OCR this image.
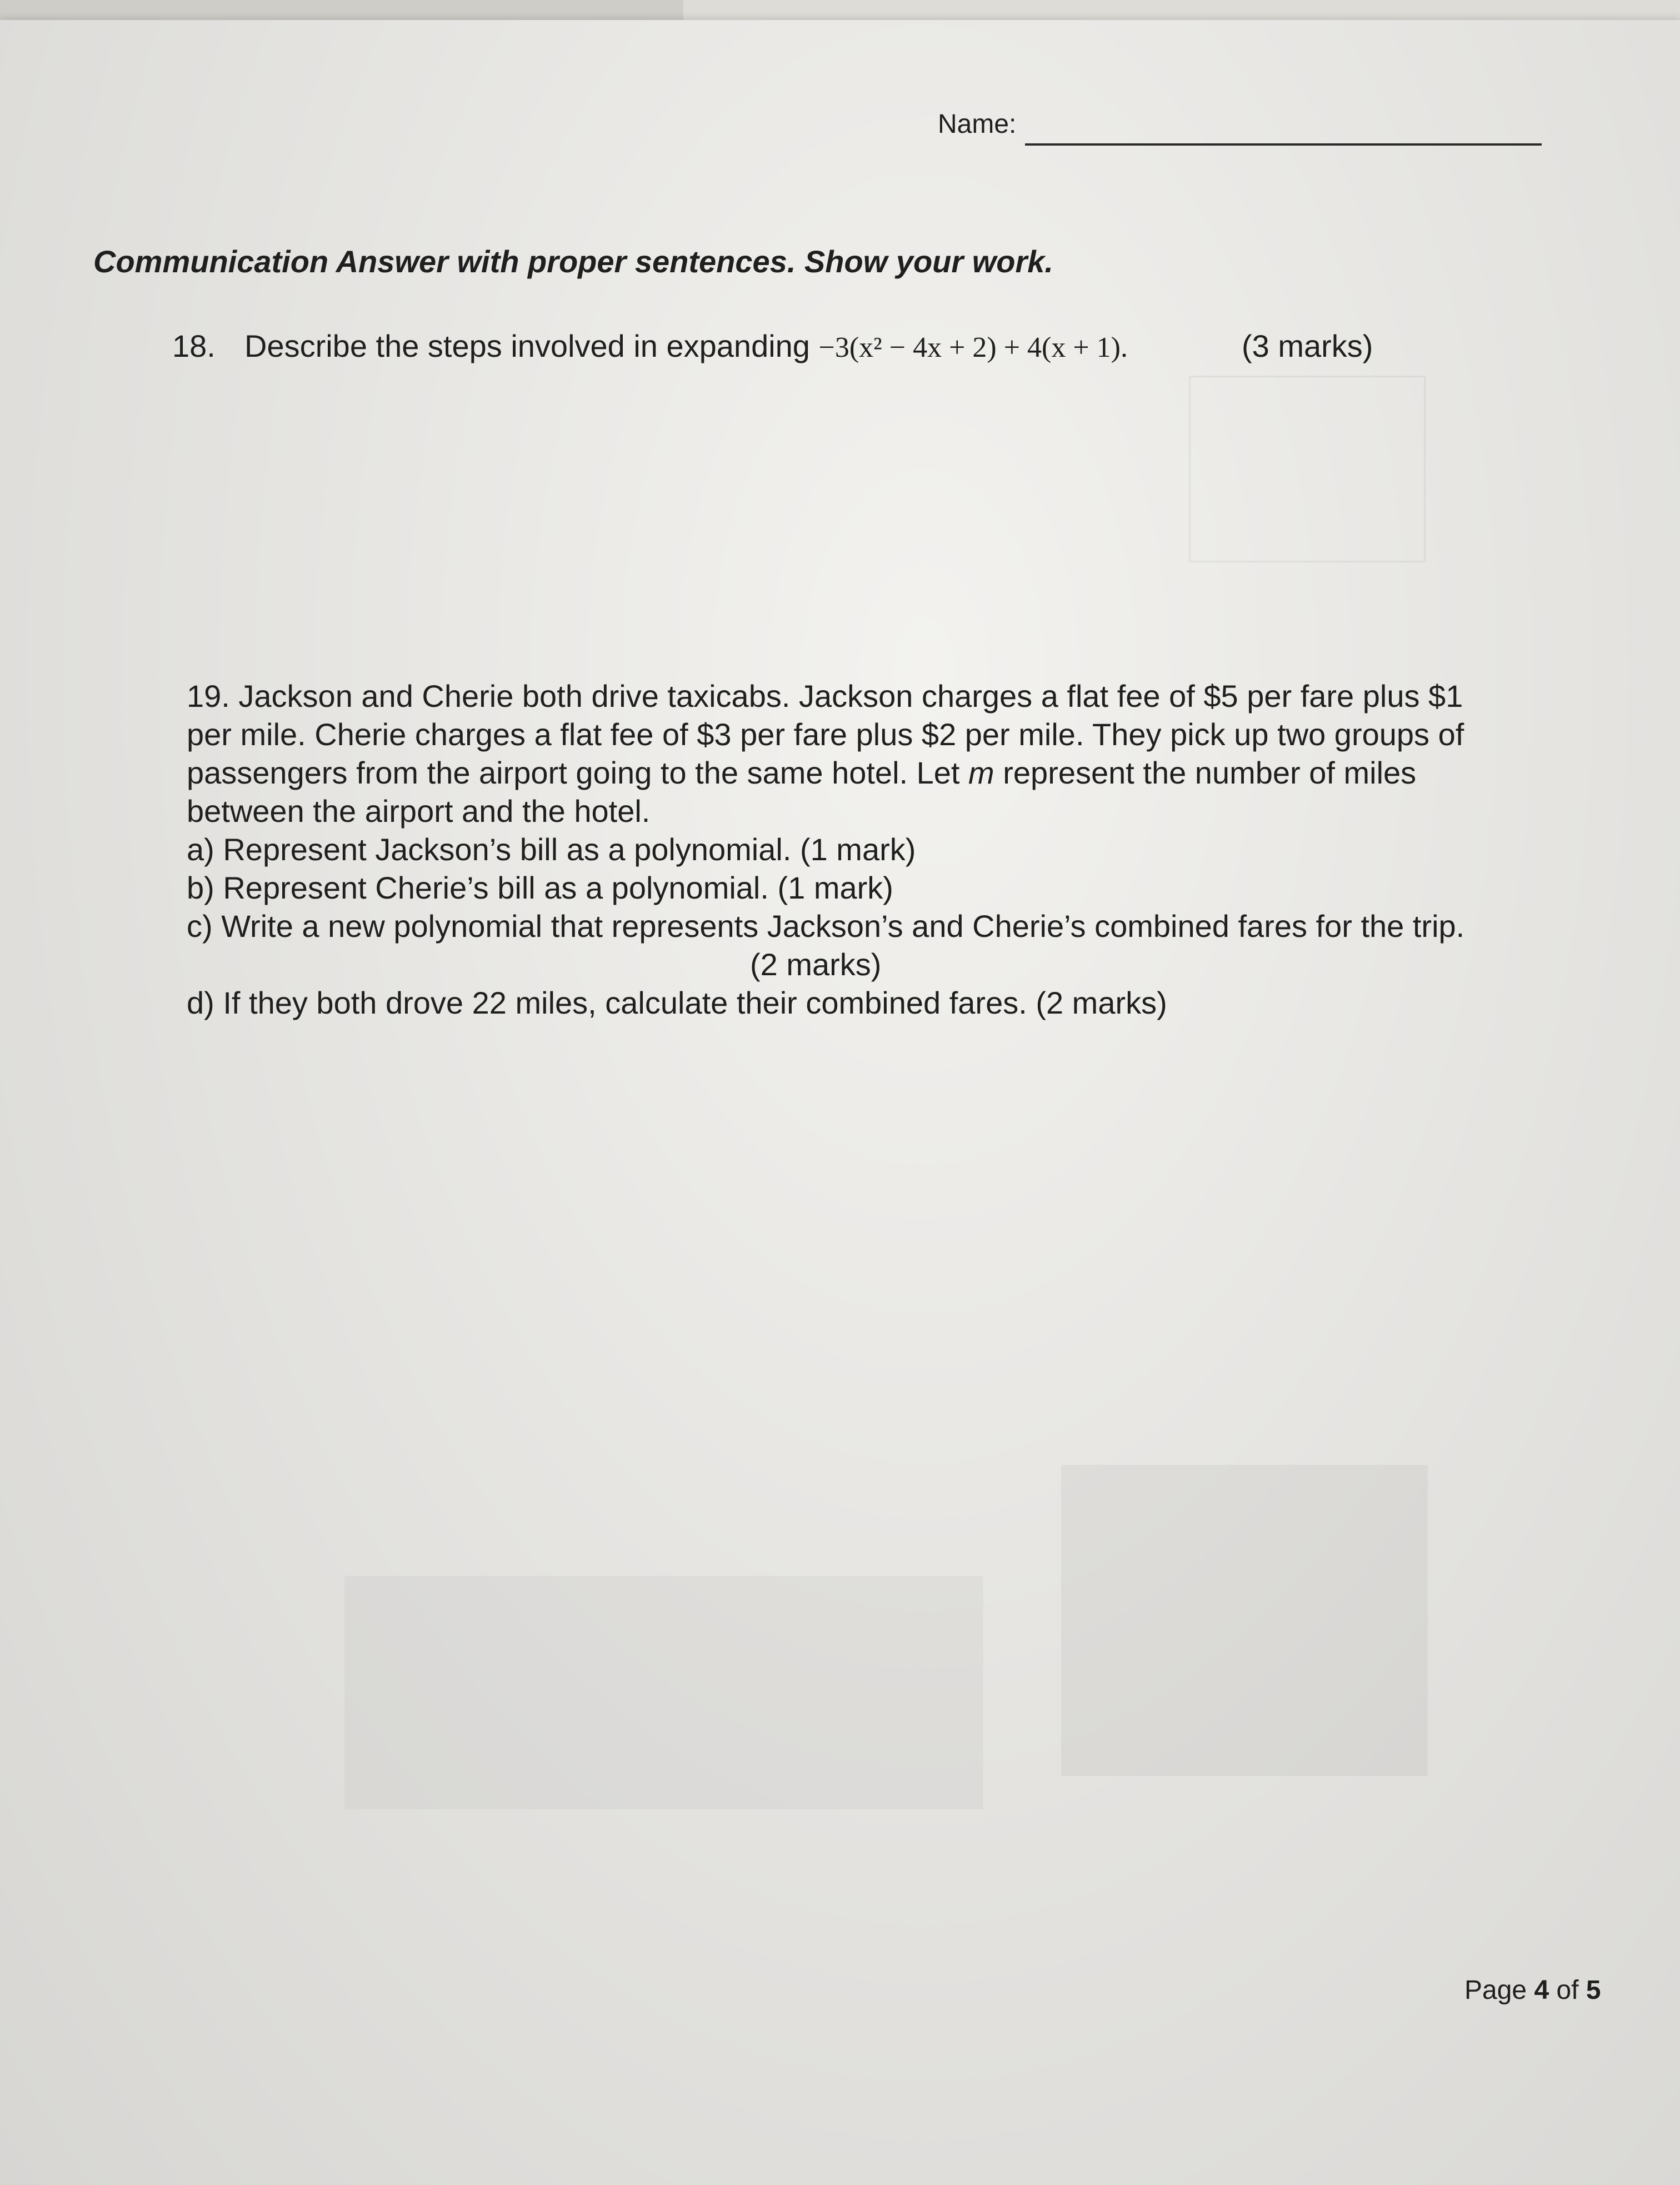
Name:
Communication Answer with proper sentences. Show your work.
18. Describe the steps involved in expanding −3(x² − 4x + 2) + 4(x + 1).	(3 marks)
19. Jackson and Cherie both drive taxicabs. Jackson charges a flat fee of $5 per fare plus $1
per mile. Cherie charges a flat fee of $3 per fare plus $2 per mile. They pick up two groups of
passengers from the airport going to the same hotel. Let m represent the number of miles
between the airport and the hotel.
a) Represent Jackson’s bill as a polynomial. (1 mark)
b) Represent Cherie’s bill as a polynomial. (1 mark)
c) Write a new polynomial that represents Jackson’s and Cherie’s combined fares for the trip.
(2 marks)
d) If they both drove 22 miles, calculate their combined fares. (2 marks)
Page 4 of 5
